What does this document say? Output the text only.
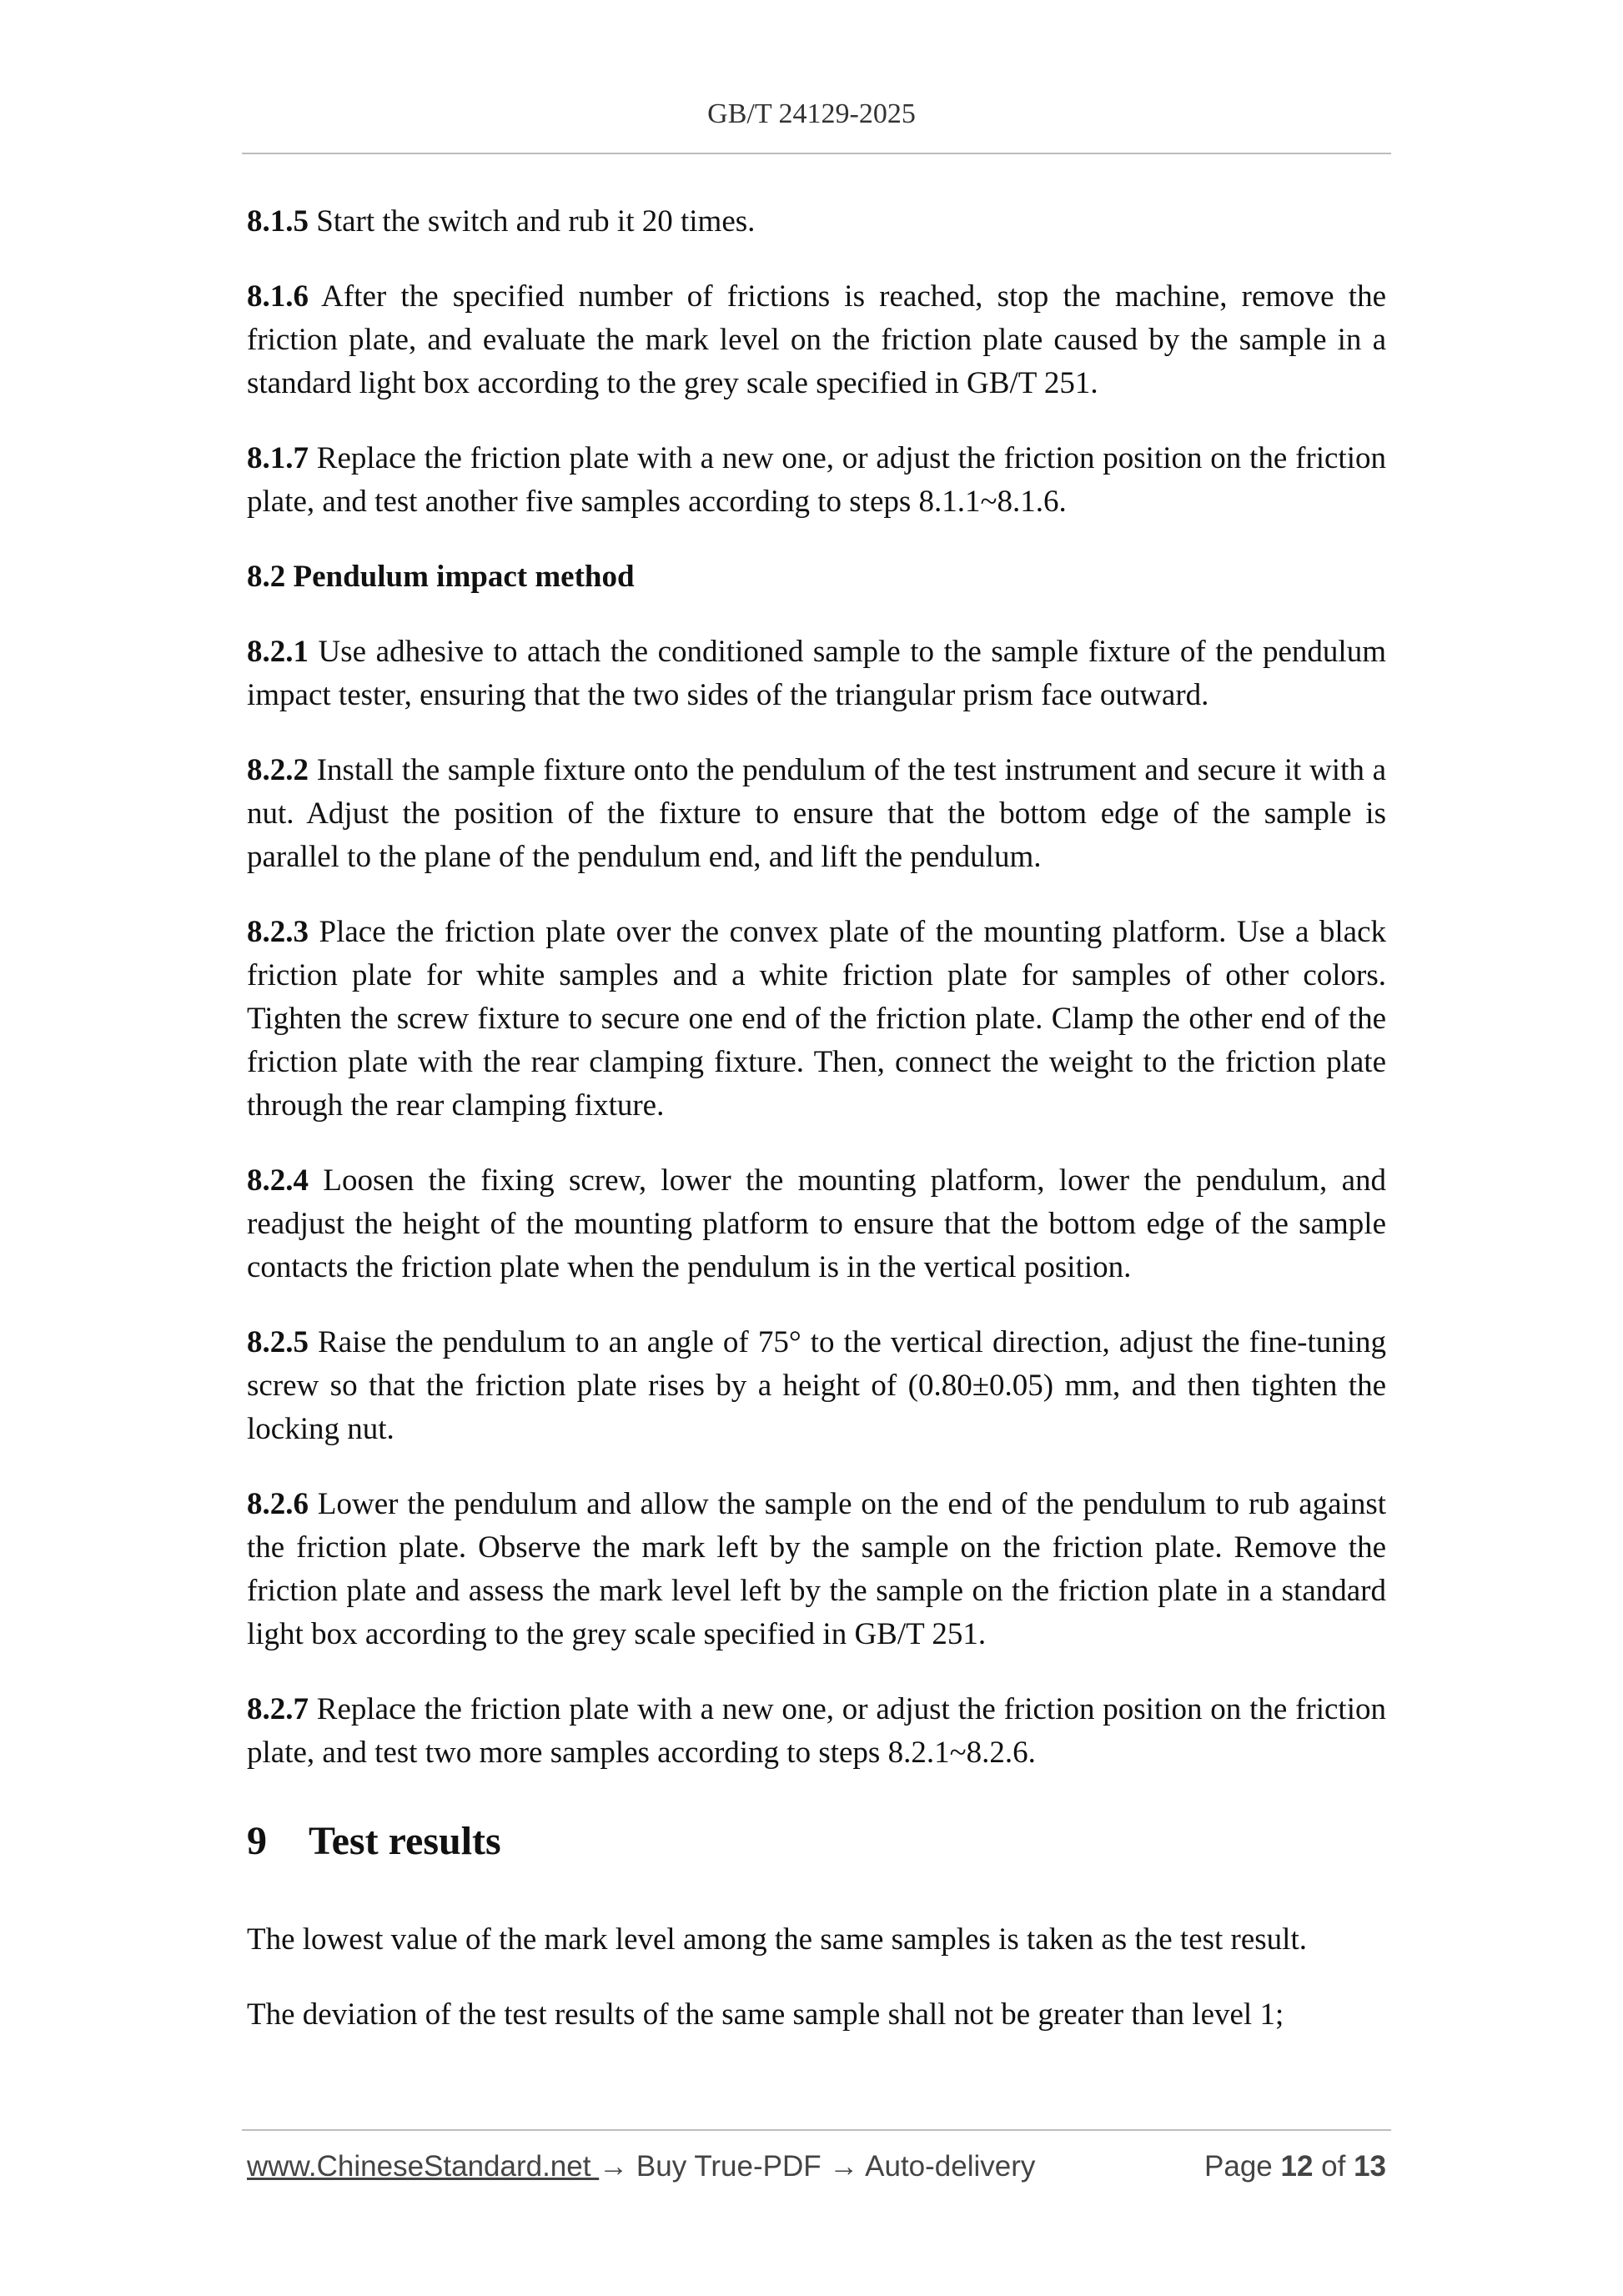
GB/T 24129-2025

8.1.5 Start the switch and rub it 20 times.

8.1.6 After the specified number of frictions is reached, stop the machine, remove the friction plate, and evaluate the mark level on the friction plate caused by the sample in a standard light box according to the grey scale specified in GB/T 251.

8.1.7 Replace the friction plate with a new one, or adjust the friction position on the friction plate, and test another five samples according to steps 8.1.1~8.1.6.

8.2 Pendulum impact method

8.2.1 Use adhesive to attach the conditioned sample to the sample fixture of the pendulum impact tester, ensuring that the two sides of the triangular prism face outward.

8.2.2 Install the sample fixture onto the pendulum of the test instrument and secure it with a nut. Adjust the position of the fixture to ensure that the bottom edge of the sample is parallel to the plane of the pendulum end, and lift the pendulum.

8.2.3 Place the friction plate over the convex plate of the mounting platform. Use a black friction plate for white samples and a white friction plate for samples of other colors. Tighten the screw fixture to secure one end of the friction plate. Clamp the other end of the friction plate with the rear clamping fixture. Then, connect the weight to the friction plate through the rear clamping fixture.

8.2.4 Loosen the fixing screw, lower the mounting platform, lower the pendulum, and readjust the height of the mounting platform to ensure that the bottom edge of the sample contacts the friction plate when the pendulum is in the vertical position.

8.2.5 Raise the pendulum to an angle of 75° to the vertical direction, adjust the fine-tuning screw so that the friction plate rises by a height of (0.80±0.05) mm, and then tighten the locking nut.

8.2.6 Lower the pendulum and allow the sample on the end of the pendulum to rub against the friction plate. Observe the mark left by the sample on the friction plate. Remove the friction plate and assess the mark level left by the sample on the friction plate in a standard light box according to the grey scale specified in GB/T 251.

8.2.7 Replace the friction plate with a new one, or adjust the friction position on the friction plate, and test two more samples according to steps 8.2.1~8.2.6.

9 Test results

The lowest value of the mark level among the same samples is taken as the test result.

The deviation of the test results of the same sample shall not be greater than level 1;

www.ChineseStandard.net → Buy True-PDF → Auto-delivery	Page 12 of 13
